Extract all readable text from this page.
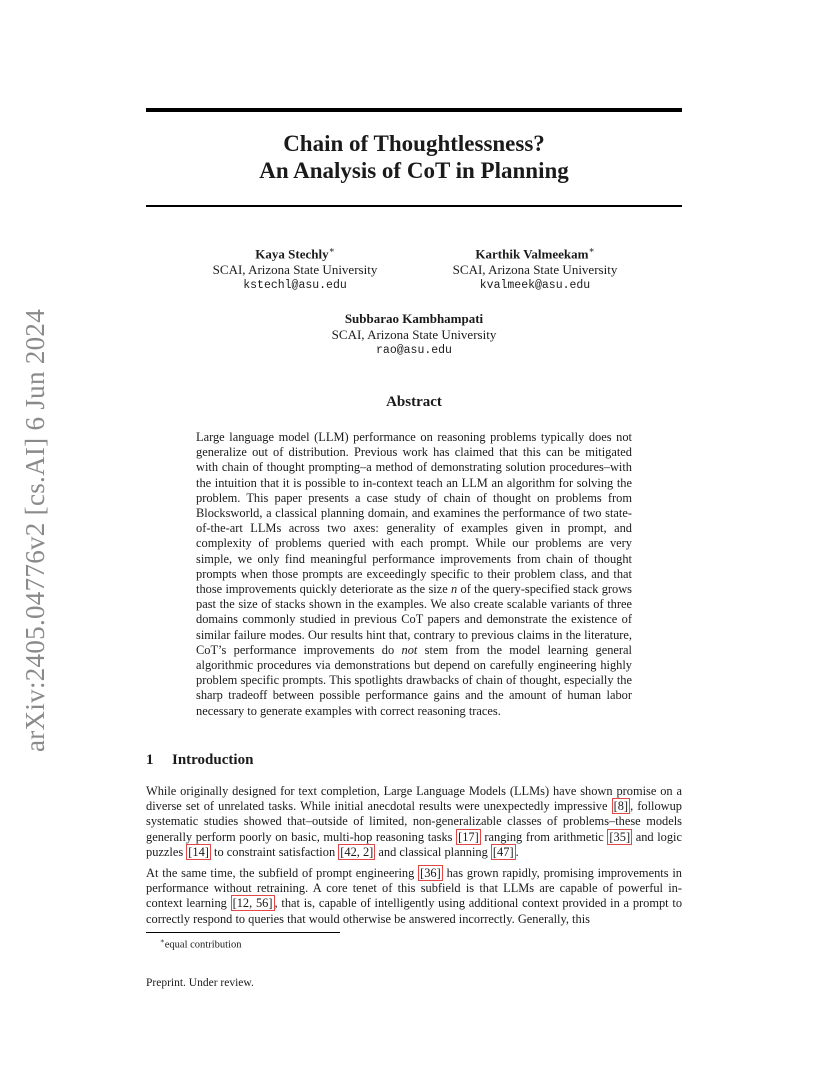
arXiv:2405.04776v2 [cs.AI] 6 Jun 2024
Chain of Thoughtlessness?
An Analysis of CoT in Planning
Kaya Stechly∗
SCAI, Arizona State University
kstechl@asu.edu
Karthik Valmeekam∗
SCAI, Arizona State University
kvalmeek@asu.edu
Subbarao Kambhampati
SCAI, Arizona State University
rao@asu.edu
Abstract
Large language model (LLM) performance on reasoning problems typically does not generalize out of distribution. Previous work has claimed that this can be mitigated with chain of thought prompting–a method of demonstrating solution procedures–with the intuition that it is possible to in-context teach an LLM an algorithm for solving the problem. This paper presents a case study of chain of thought on problems from Blocksworld, a classical planning domain, and examines the performance of two state-of-the-art LLMs across two axes: generality of examples given in prompt, and complexity of problems queried with each prompt. While our problems are very simple, we only find meaningful performance improvements from chain of thought prompts when those prompts are exceedingly specific to their problem class, and that those improvements quickly deteriorate as the size n of the query-specified stack grows past the size of stacks shown in the examples. We also create scalable variants of three domains commonly studied in previous CoT papers and demonstrate the existence of similar failure modes. Our results hint that, contrary to previous claims in the literature, CoT’s performance improvements do not stem from the model learning general algorithmic procedures via demonstrations but depend on carefully engineering highly problem specific prompts. This spotlights drawbacks of chain of thought, especially the sharp tradeoff between possible performance gains and the amount of human labor necessary to generate examples with correct reasoning traces.
1 Introduction
While originally designed for text completion, Large Language Models (LLMs) have shown promise on a diverse set of unrelated tasks. While initial anecdotal results were unexpectedly impressive [8] , followup systematic studies showed that–outside of limited, non-generalizable classes of problems–these models generally perform poorly on basic, multi-hop reasoning tasks [17] ranging from arithmetic [35] and logic puzzles [14] to constraint satisfaction [42, 2] and classical planning [47] .
At the same time, the subfield of prompt engineering [36] has grown rapidly, promising improvements in performance without retraining. A core tenet of this subfield is that LLMs are capable of powerful in-context learning [12, 56] , that is, capable of intelligently using additional context provided in a prompt to correctly respond to queries that would otherwise be answered incorrectly. Generally, this
∗equal contribution
Preprint. Under review.
